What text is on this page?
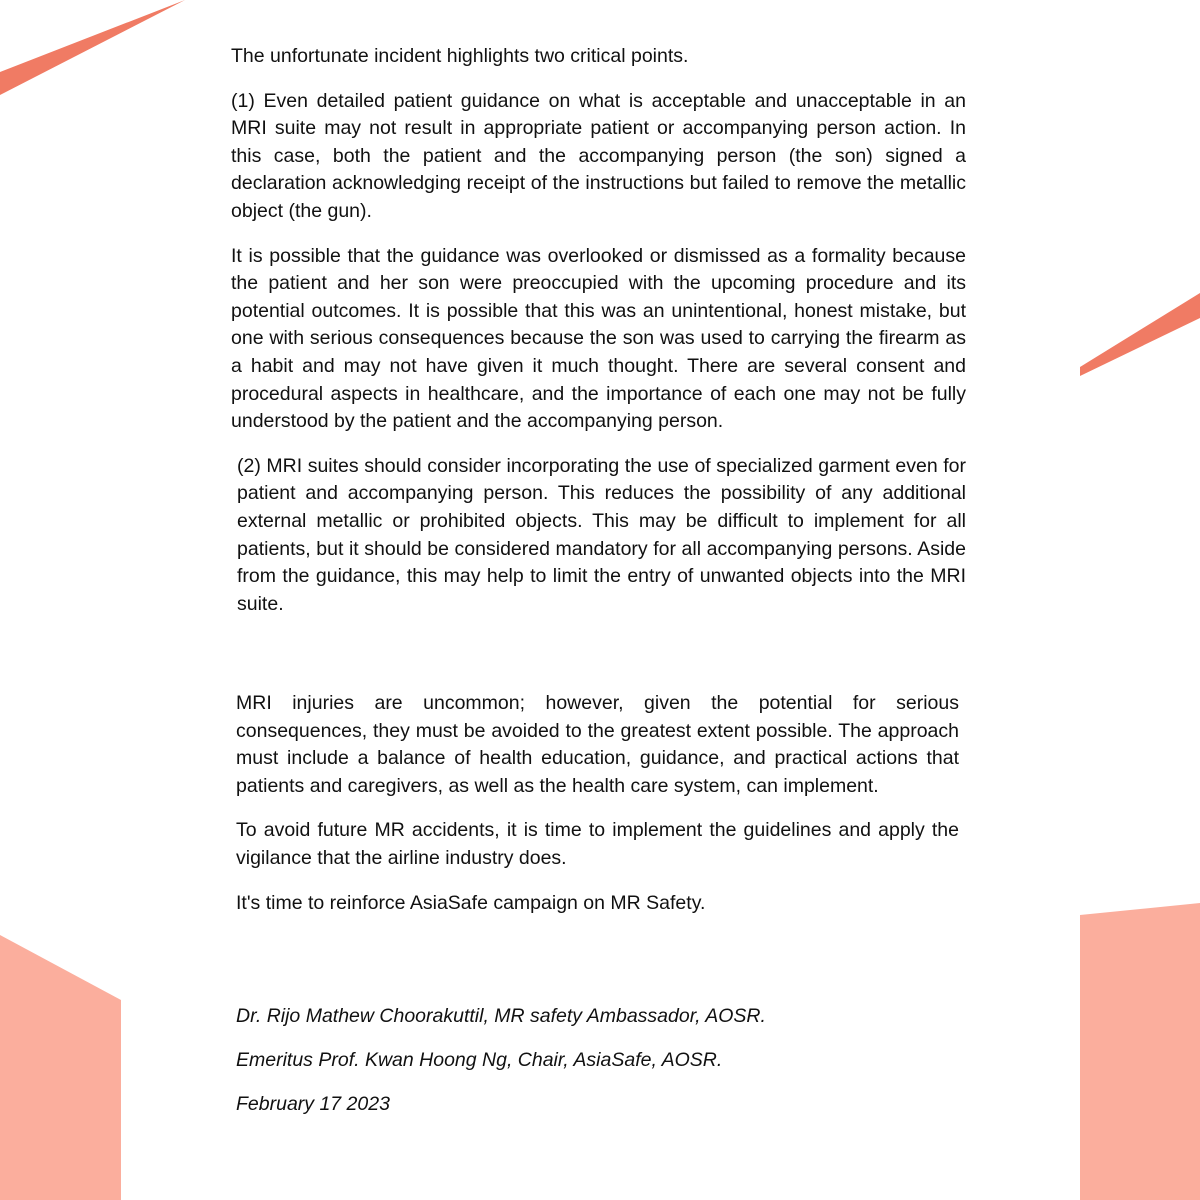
The unfortunate incident highlights two critical points.

(1) Even detailed patient guidance on what is acceptable and unacceptable in an MRI suite may not result in appropriate patient or accompanying person action. In this case, both the patient and the accompanying person (the son) signed a declaration acknowledging receipt of the instructions but failed to remove the metallic object (the gun).

It is possible that the guidance was overlooked or dismissed as a formality because the patient and her son were preoccupied with the upcoming procedure and its potential outcomes. It is possible that this was an unintentional, honest mistake, but one with serious consequences because the son was used to carrying the firearm as a habit and may not have given it much thought. There are several consent and procedural aspects in healthcare, and the importance of each one may not be fully understood by the patient and the accompanying person.

(2) MRI suites should consider incorporating the use of specialized garment even for patient and accompanying person. This reduces the possibility of any additional external metallic or prohibited objects. This may be difficult to implement for all patients, but it should be considered mandatory for all accompanying persons. Aside from the guidance, this may help to limit the entry of unwanted objects into the MRI suite.

MRI injuries are uncommon; however, given the potential for serious consequences, they must be avoided to the greatest extent possible. The approach must include a balance of health education, guidance, and practical actions that patients and caregivers, as well as the health care system, can implement.

To avoid future MR accidents, it is time to implement the guidelines and apply the vigilance that the airline industry does.

It's time to reinforce AsiaSafe campaign on MR Safety.

Dr. Rijo Mathew Choorakuttil, MR safety Ambassador, AOSR.

Emeritus Prof. Kwan Hoong Ng, Chair, AsiaSafe, AOSR.

February 17 2023
